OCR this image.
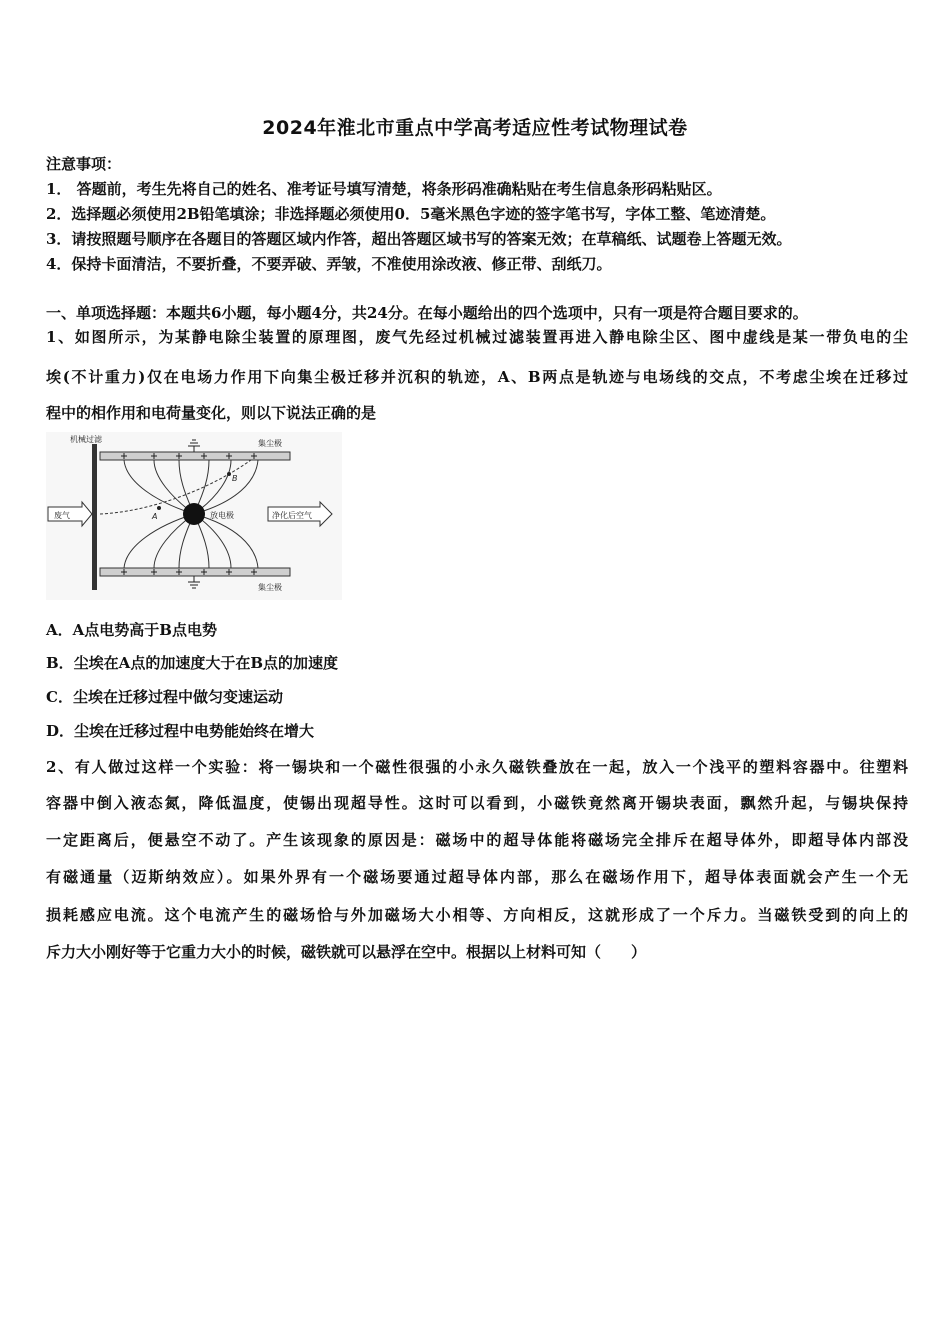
2024年淮北市重点中学高考适应性考试物理试卷
注意事项：
1． 答题前，考生先将自己的姓名、准考证号填写清楚，将条形码准确粘贴在考生信息条形码粘贴区。
2．选择题必须使用2B铅笔填涂；非选择题必须使用0．5毫米黑色字迹的签字笔书写，字体工整、笔迹清楚。
3．请按照题号顺序在各题目的答题区域内作答，超出答题区域书写的答案无效；在草稿纸、试题卷上答题无效。
4．保持卡面清洁，不要折叠，不要弄破、弄皱，不准使用涂改液、修正带、刮纸刀。
一、单项选择题：本题共6小题，每小题4分，共24分。在每小题给出的四个选项中，只有一项是符合题目要求的。
1、如图所示，为某静电除尘装置的原理图，废气先经过机械过滤装置再进入静电除尘区、图中虚线是某一带负电的尘
埃(不计重力)仅在电场力作用下向集尘极迁移并沉积的轨迹，A、B两点是轨迹与电场线的交点，不考虑尘埃在迁移过
程中的相作用和电荷量变化，则以下说法正确的是
机械过滤	集尘极
集尘极
A
B
放电极
废气	净化后空气
A．A点电势高于B点电势
B．尘埃在A点的加速度大于在B点的加速度
C．尘埃在迁移过程中做匀变速运动
D．尘埃在迁移过程中电势能始终在增大
2、有人做过这样一个实验：将一锡块和一个磁性很强的小永久磁铁叠放在一起，放入一个浅平的塑料容器中。往塑料
容器中倒入液态氮，降低温度，使锡出现超导性。这时可以看到，小磁铁竟然离开锡块表面，飘然升起，与锡块保持
一定距离后，便悬空不动了。产生该现象的原因是：磁场中的超导体能将磁场完全排斥在超导体外，即超导体内部没
有磁通量（迈斯纳效应）。如果外界有一个磁场要通过超导体内部，那么在磁场作用下，超导体表面就会产生一个无
损耗感应电流。这个电流产生的磁场恰与外加磁场大小相等、方向相反，这就形成了一个斥力。当磁铁受到的向上的
斥力大小刚好等于它重力大小的时候，磁铁就可以悬浮在空中。根据以上材料可知（　　）
